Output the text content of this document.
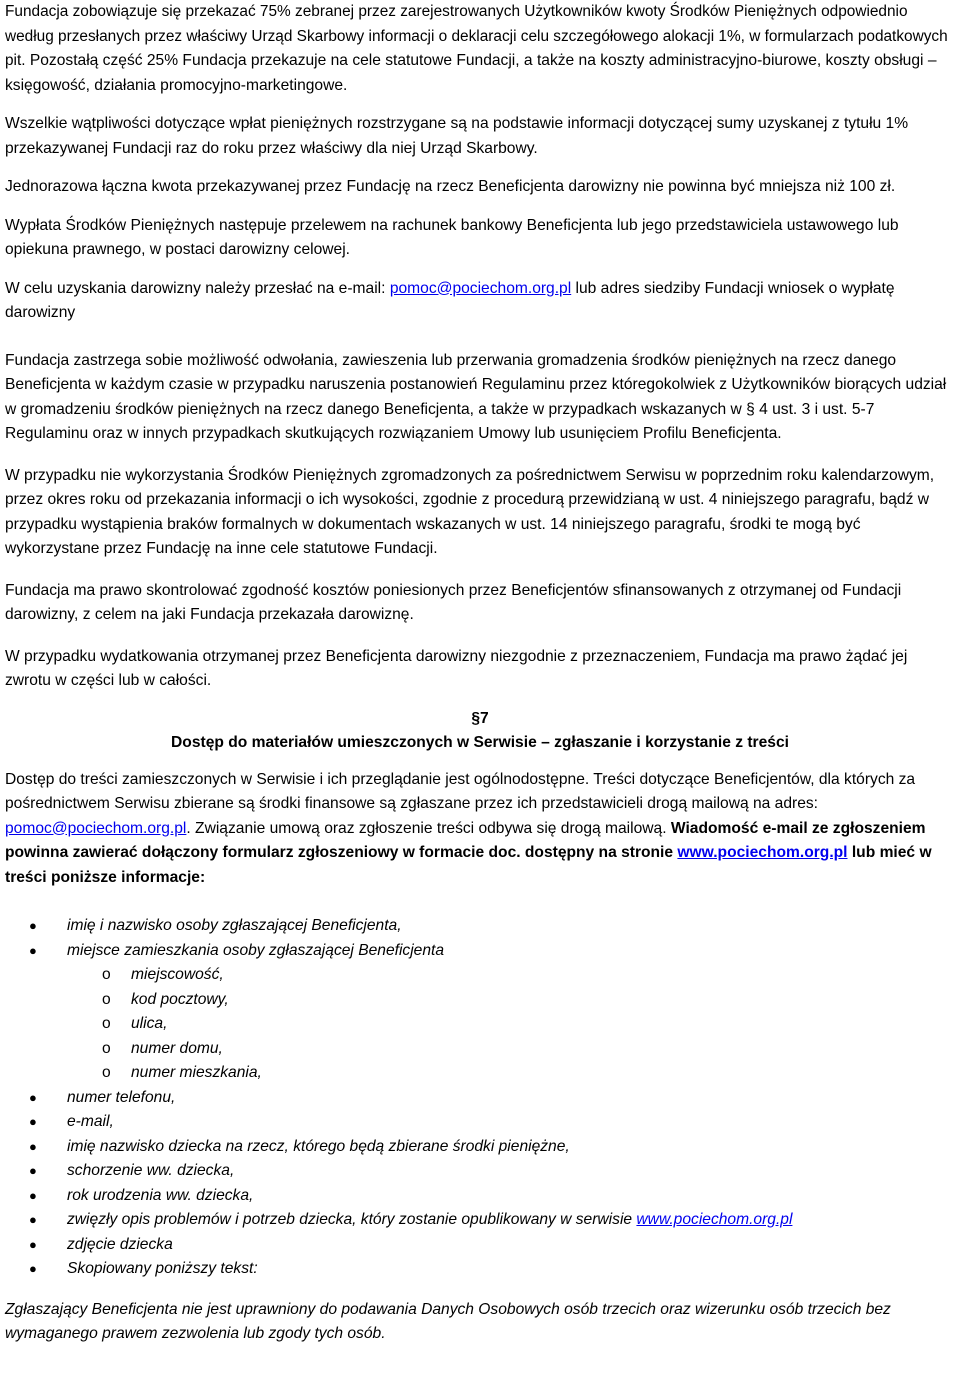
Fundacja zobowiązuje się przekazać 75% zebranej przez zarejestrowanych Użytkowników kwoty Środków Pieniężnych odpowiednio według przesłanych przez właściwy Urząd Skarbowy informacji o deklaracji celu szczegółowego alokacji 1%, w formularzach podatkowych pit. Pozostałą część 25% Fundacja przekazuje na cele statutowe Fundacji, a także na koszty administracyjno-biurowe, koszty obsługi – księgowość, działania promocyjno-marketingowe.

Wszelkie wątpliwości dotyczące wpłat pieniężnych rozstrzygane są na podstawie informacji dotyczącej sumy uzyskanej z tytułu 1% przekazywanej Fundacji raz do roku przez właściwy dla niej Urząd Skarbowy.

Jednorazowa łączna kwota przekazywanej przez Fundację na rzecz Beneficjenta darowizny nie powinna być mniejsza niż 100 zł.

Wypłata Środków Pieniężnych następuje przelewem na rachunek bankowy Beneficjenta lub jego przedstawiciela ustawowego lub opiekuna prawnego, w postaci darowizny celowej.

W celu uzyskania darowizny należy przesłać na e-mail: pomoc@pociechom.org.pl lub adres siedziby Fundacji wniosek o wypłatę darowizny

Fundacja zastrzega sobie możliwość odwołania, zawieszenia lub przerwania gromadzenia środków pieniężnych na rzecz danego Beneficjenta w każdym czasie w przypadku naruszenia postanowień Regulaminu przez któregokolwiek z Użytkowników biorących udział w gromadzeniu środków pieniężnych na rzecz danego Beneficjenta, a także w przypadkach wskazanych w § 4 ust. 3 i ust. 5-7 Regulaminu oraz w innych przypadkach skutkujących rozwiązaniem Umowy lub usunięciem Profilu Beneficjenta.

W przypadku nie wykorzystania Środków Pieniężnych zgromadzonych za pośrednictwem Serwisu w poprzednim roku kalendarzowym, przez okres roku od przekazania informacji o ich wysokości, zgodnie z procedurą przewidzianą w ust. 4 niniejszego paragrafu, bądź w przypadku wystąpienia braków formalnych w dokumentach wskazanych w ust. 14 niniejszego paragrafu, środki te mogą być wykorzystane przez Fundację na inne cele statutowe Fundacji.

Fundacja ma prawo skontrolować zgodność kosztów poniesionych przez Beneficjentów sfinansowanych z otrzymanej od Fundacji darowizny, z celem na jaki Fundacja przekazała darowiznę.

W przypadku wydatkowania otrzymanej przez Beneficjenta darowizny niezgodnie z przeznaczeniem, Fundacja ma prawo żądać jej zwrotu w części lub w całości.

§7

Dostęp do materiałów umieszczonych w Serwisie – zgłaszanie i korzystanie z treści

Dostęp do treści zamieszczonych w Serwisie i ich przeglądanie jest ogólnodostępne. Treści dotyczące Beneficjentów, dla których za pośrednictwem Serwisu zbierane są środki finansowe są zgłaszane przez ich przedstawicieli drogą mailową na adres: pomoc@pociechom.org.pl. Związanie umową oraz zgłoszenie treści odbywa się drogą mailową. Wiadomość e-mail ze zgłoszeniem powinna zawierać dołączony formularz zgłoszeniowy w formacie doc. dostępny na stronie www.pociechom.org.pl lub mieć w treści poniższe informacje:

● imię i nazwisko osoby zgłaszającej Beneficjenta,
● miejsce zamieszkania osoby zgłaszającej Beneficjenta
o miejscowość,
o kod pocztowy,
o ulica,
o numer domu,
o numer mieszkania,
● numer telefonu,
● e-mail,
● imię nazwisko dziecka na rzecz, którego będą zbierane środki pieniężne,
● schorzenie ww. dziecka,
● rok urodzenia ww. dziecka,
● zwięzły opis problemów i potrzeb dziecka, który zostanie opublikowany w serwisie www.pociechom.org.pl
● zdjęcie dziecka
● Skopiowany poniższy tekst:

Zgłaszający Beneficjenta nie jest uprawniony do podawania Danych Osobowych osób trzecich oraz wizerunku osób trzecich bez wymaganego prawem zezwolenia lub zgody tych osób.
